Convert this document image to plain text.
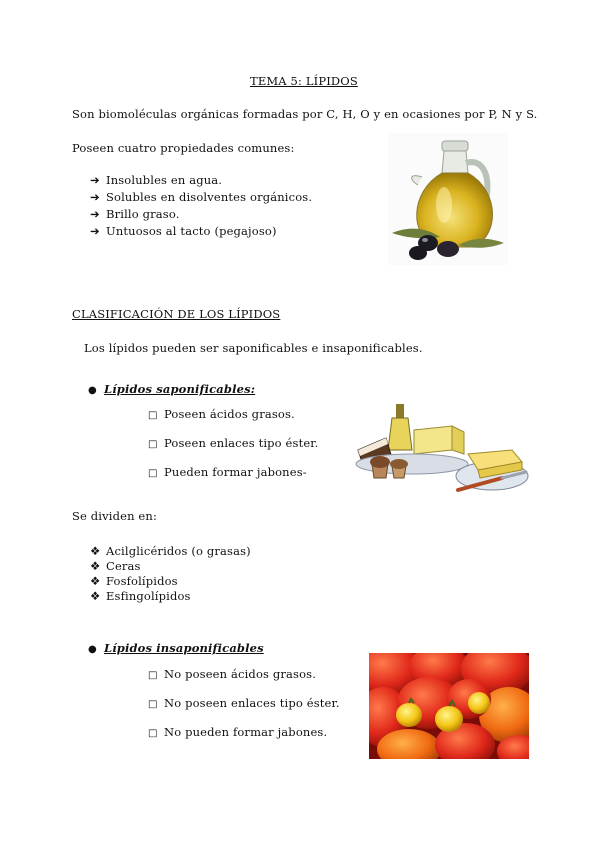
TEMA 5: LÍPIDOS
Son biomoléculas orgánicas formadas por C, H, O y en ocasiones por P, N y S.
Poseen cuatro propiedades comunes:
➔ Insolubles en agua.
➔ Solubles en disolventes orgánicos.
➔ Brillo graso.
➔ Untuosos al tacto (pegajoso)
CLASIFICACIÓN DE LOS LÍPIDOS
Los lípidos pueden ser saponificables e insaponificables.
● Lípidos saponificables:
□ Poseen ácidos grasos.
□ Poseen enlaces tipo éster.
□ Pueden formar jabones-
Se dividen en:
❖ Acilglicéridos (o grasas)
❖ Ceras
❖ Fosfolípidos
❖ Esfingolípidos
● Lípidos insaponificables
□ No poseen ácidos grasos.
□ No poseen enlaces tipo éster.
□ No pueden formar jabones.
